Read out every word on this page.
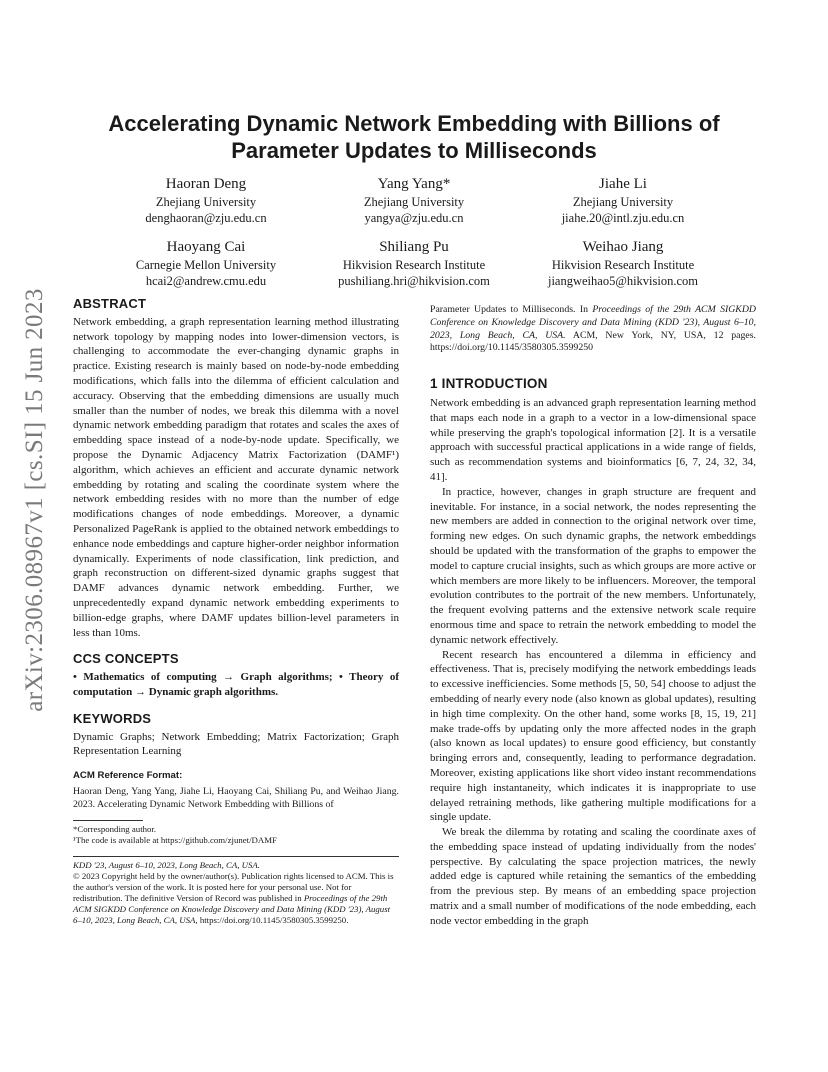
arXiv:2306.08967v1 [cs.SI] 15 Jun 2023
Accelerating Dynamic Network Embedding with Billions of Parameter Updates to Milliseconds
Haoran Deng
Zhejiang University
denghaoran@zju.edu.cn
Yang Yang*
Zhejiang University
yangya@zju.edu.cn
Jiahe Li
Zhejiang University
jiahe.20@intl.zju.edu.cn
Haoyang Cai
Carnegie Mellon University
hcai2@andrew.cmu.edu
Shiliang Pu
Hikvision Research Institute
pushiliang.hri@hikvision.com
Weihao Jiang
Hikvision Research Institute
jiangweihao5@hikvision.com
ABSTRACT

Network embedding, a graph representation learning method illustrating network topology by mapping nodes into lower-dimension vectors, is challenging to accommodate the ever-changing dynamic graphs in practice. Existing research is mainly based on node-by-node embedding modifications, which falls into the dilemma of efficient calculation and accuracy. Observing that the embedding dimensions are usually much smaller than the number of nodes, we break this dilemma with a novel dynamic network embedding paradigm that rotates and scales the axes of embedding space instead of a node-by-node update. Specifically, we propose the Dynamic Adjacency Matrix Factorization (DAMF¹) algorithm, which achieves an efficient and accurate dynamic network embedding by rotating and scaling the coordinate system where the network embedding resides with no more than the number of edge modifications changes of node embeddings. Moreover, a dynamic Personalized PageRank is applied to the obtained network embeddings to enhance node embeddings and capture higher-order neighbor information dynamically. Experiments of node classification, link prediction, and graph reconstruction on different-sized dynamic graphs suggest that DAMF advances dynamic network embedding. Further, we unprecedentedly expand dynamic network embedding experiments to billion-edge graphs, where DAMF updates billion-level parameters in less than 10ms.

CCS CONCEPTS

• Mathematics of computing → Graph algorithms; • Theory of computation → Dynamic graph algorithms.

KEYWORDS

Dynamic Graphs; Network Embedding; Matrix Factorization; Graph Representation Learning

ACM Reference Format:

Haoran Deng, Yang Yang, Jiahe Li, Haoyang Cai, Shiliang Pu, and Weihao Jiang. 2023. Accelerating Dynamic Network Embedding with Billions of

*Corresponding author.
¹The code is available at https://github.com/zjunet/DAMF
KDD '23, August 6–10, 2023, Long Beach, CA, USA.
© 2023 Copyright held by the owner/author(s). Publication rights licensed to ACM. This is the author's version of the work. It is posted here for your personal use. Not for redistribution. The definitive Version of Record was published in Proceedings of the 29th ACM SIGKDD Conference on Knowledge Discovery and Data Mining (KDD '23), August 6–10, 2023, Long Beach, CA, USA, https://doi.org/10.1145/3580305.3599250.

Parameter Updates to Milliseconds. In Proceedings of the 29th ACM SIGKDD Conference on Knowledge Discovery and Data Mining (KDD '23), August 6–10, 2023, Long Beach, CA, USA. ACM, New York, NY, USA, 12 pages. https://doi.org/10.1145/3580305.3599250

1 INTRODUCTION

Network embedding is an advanced graph representation learning method that maps each node in a graph to a vector in a low-dimensional space while preserving the graph's topological information [2]. It is a versatile approach with successful practical applications in a wide range of fields, such as recommendation systems and bioinformatics [6, 7, 24, 32, 34, 41].

In practice, however, changes in graph structure are frequent and inevitable. For instance, in a social network, the nodes representing the new members are added in connection to the original network over time, forming new edges. On such dynamic graphs, the network embeddings should be updated with the transformation of the graphs to empower the model to capture crucial insights, such as which groups are more active or which members are more likely to be influencers. Moreover, the temporal evolution contributes to the portrait of the new members. Unfortunately, the frequent evolving patterns and the extensive network scale require enormous time and space to retrain the network embedding to model the dynamic network effectively.

Recent research has encountered a dilemma in efficiency and effectiveness. That is, precisely modifying the network embeddings leads to excessive inefficiencies. Some methods [5, 50, 54] choose to adjust the embedding of nearly every node (also known as global updates), resulting in high time complexity. On the other hand, some works [8, 15, 19, 21] make trade-offs by updating only the more affected nodes in the graph (also known as local updates) to ensure good efficiency, but constantly bringing errors and, consequently, leading to performance degradation. Moreover, existing applications like short video instant recommendations require high instantaneity, which indicates it is inappropriate to use delayed retraining methods, like gathering multiple modifications for a single update.

We break the dilemma by rotating and scaling the coordinate axes of the embedding space instead of updating individually from the nodes' perspective. By calculating the space projection matrices, the newly added edge is captured while retaining the semantics of the embedding from the previous step. By means of an embedding space projection matrix and a small number of modifications of the node embedding, each node vector embedding in the graph
